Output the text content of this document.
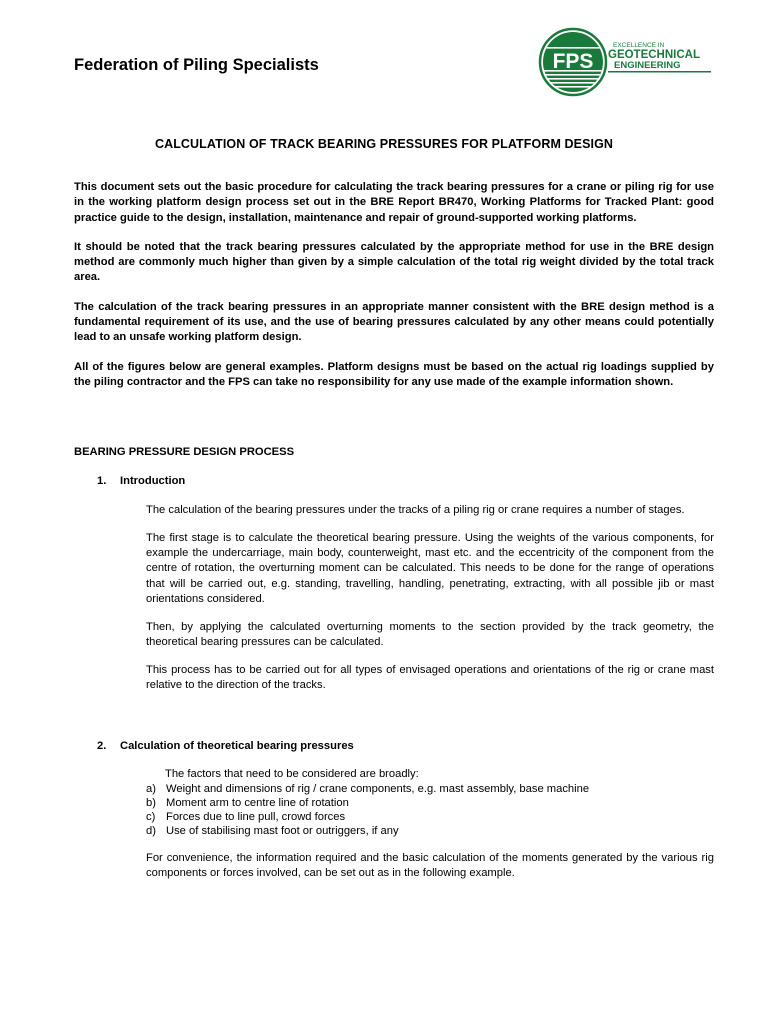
Federation of Piling Specialists	FPS
EXCELLENCE IN
GEOTECHNICAL
ENGINEERING
CALCULATION OF TRACK BEARING PRESSURES FOR PLATFORM DESIGN

This document sets out the basic procedure for calculating the track bearing pressures for a crane or piling rig for use in the working platform design process set out in the BRE Report BR470, Working Platforms for Tracked Plant: good practice guide to the design, installation, maintenance and repair of ground-supported working platforms.

It should be noted that the track bearing pressures calculated by the appropriate method for use in the BRE design method are commonly much higher than given by a simple calculation of the total rig weight divided by the total track area.

The calculation of the track bearing pressures in an appropriate manner consistent with the BRE design method is a fundamental requirement of its use, and the use of bearing pressures calculated by any other means could potentially lead to an unsafe working platform design.

All of the figures below are general examples. Platform designs must be based on the actual rig loadings supplied by the piling contractor and the FPS can take no responsibility for any use made of the example information shown.

BEARING PRESSURE DESIGN PROCESS
1. Introduction

The calculation of the bearing pressures under the tracks of a piling rig or crane requires a number of stages.

The first stage is to calculate the theoretical bearing pressure. Using the weights of the various components, for example the undercarriage, main body, counterweight, mast etc. and the eccentricity of the component from the centre of rotation, the overturning moment can be calculated. This needs to be done for the range of operations that will be carried out, e.g. standing, travelling, handling, penetrating, extracting, with all possible jib or mast orientations considered.

Then, by applying the calculated overturning moments to the section provided by the track geometry, the theoretical bearing pressures can be calculated.

This process has to be carried out for all types of envisaged operations and orientations of the rig or crane mast relative to the direction of the tracks.

2. Calculation of theoretical bearing pressures

The factors that need to be considered are broadly:

a) Weight and dimensions of rig / crane components, e.g. mast assembly, base machine
b) Moment arm to centre line of rotation
c) Forces due to line pull, crowd forces
d) Use of stabilising mast foot or outriggers, if any

For convenience, the information required and the basic calculation of the moments generated by the various rig components or forces involved, can be set out as in the following example.
